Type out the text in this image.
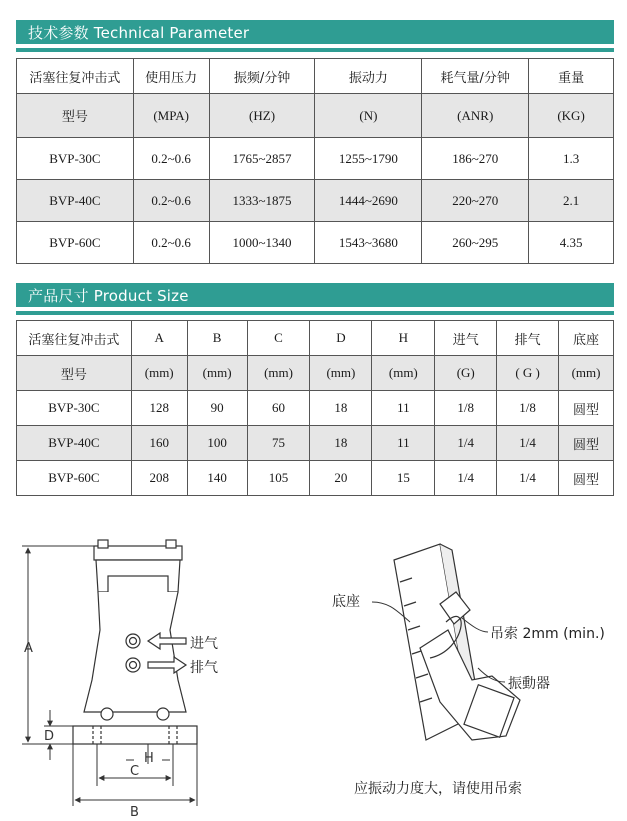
技术参数 Technical Parameter
活塞往复冲击式	使用压力	振频/分钟	振动力	耗气量/分钟	重量
型号	(MPA)	(HZ)	(N)	(ANR)	(KG)
BVP-30C	0.2~0.6	1765~2857	1255~1790	186~270	1.3
BVP-40C	0.2~0.6	1333~1875	1444~2690	220~270	2.1
BVP-60C	0.2~0.6	1000~1340	1543~3680	260~295	4.35
产品尺寸 Product Size
活塞往复冲击式	A	B	C	D	H	进气	排气	底座
型号	(mm)	(mm)	(mm)	(mm)	(mm)	(G)	( G )	(mm)
BVP-30C	128	90	60	18	11	1/8	1/8	圆型
BVP-40C	160	100	75	18	11	1/4	1/4	圆型
BVP-60C	208	140	105	20	15	1/4	1/4	圆型
A
D
B
C
H
进气
排气
底座
吊索 2mm (min.)
振動器
应振动力度大，请使用吊索
